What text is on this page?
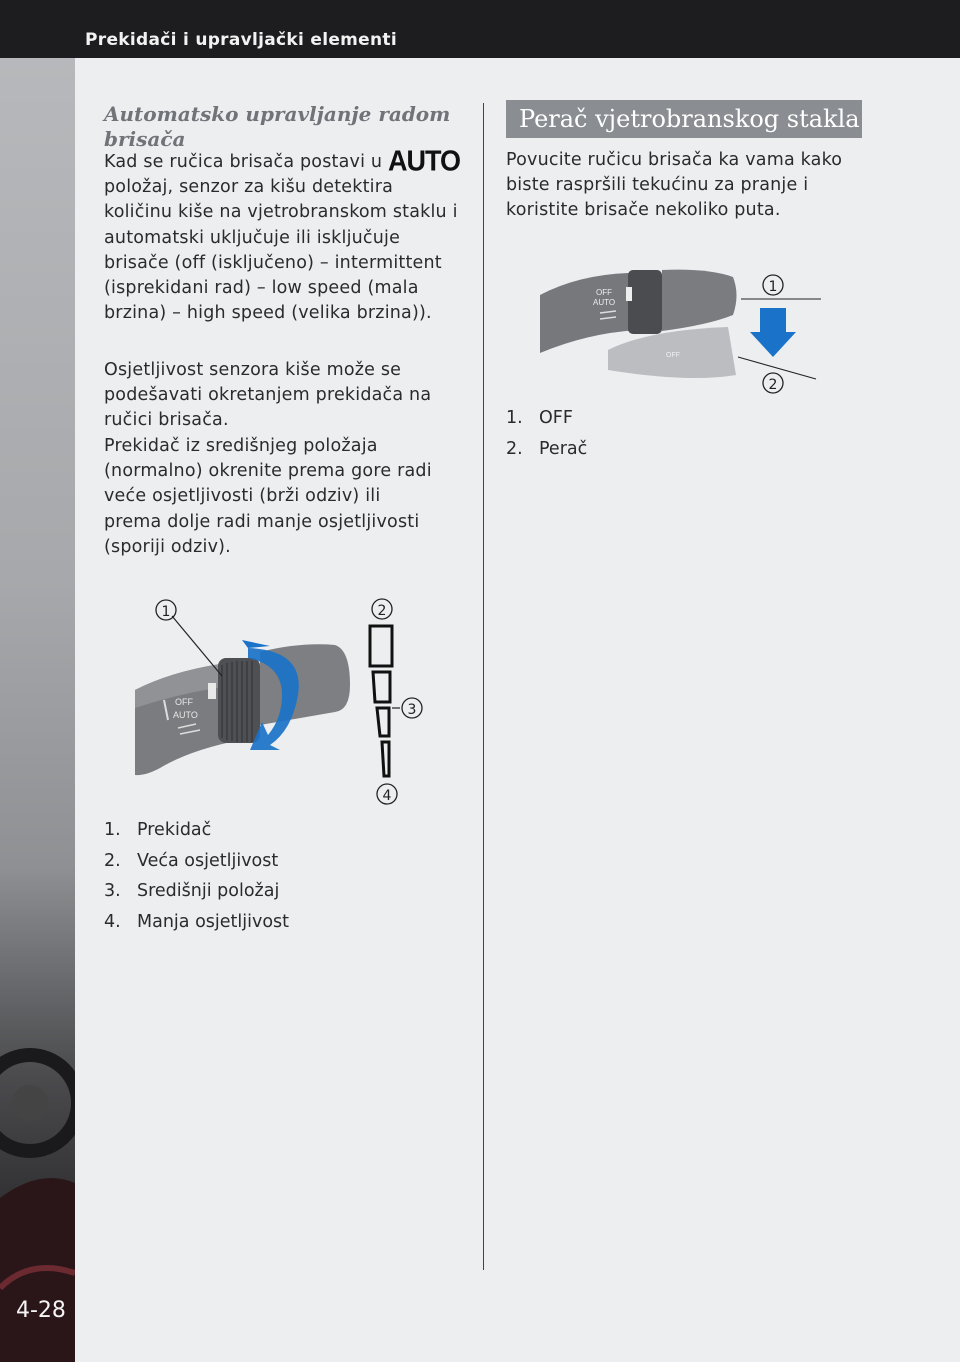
Prekidači i upravljački elementi
4-28
Automatsko upravljanje radom brisača
Kad se ručica brisača postavi u AUTO
položaj, senzor za kišu detektira količinu kiše na vjetrobranskom staklu i automatski uključuje ili isključuje brisače (off (isključeno) – intermittent (isprekidani rad) – low speed (mala brzina) – high speed (velika brzina)).
Osjetljivost senzora kiše može se podešavati okretanjem prekidača na ručici brisača.
Prekidač iz središnjeg položaja (normalno) okrenite prema gore radi veće osjetljivosti (brži odziv) ili prema dolje radi manje osjetljivosti (sporiji odziv).
OFF
AUTO
1	2
3
4
1. Prekidač
2. Veća osjetljivost
3. Središnji položaj
4. Manja osjetljivost
Perač vjetrobranskog stakla
Povucite ručicu brisača ka vama kako biste raspršili tekućinu za pranje i koristite brisače nekoliko puta.
OFF
OFF
AUTO
1
2
1. OFF
2. Perač
